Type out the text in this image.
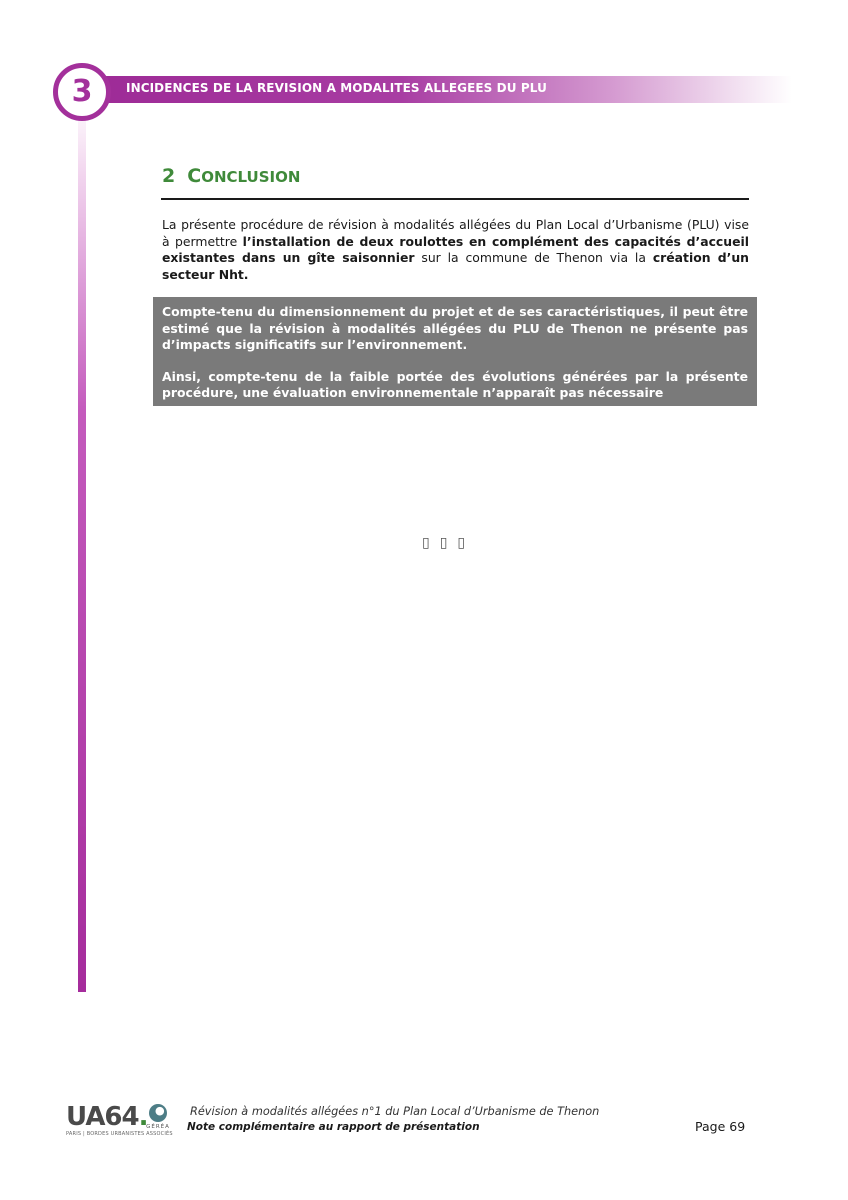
INCIDENCES DE LA REVISION A MODALITES ALLEGEES DU PLU
3
2 CONCLUSION

La présente procédure de révision à modalités allégées du Plan Local d’Urbanisme (PLU) vise à permettre l’installation de deux roulottes en complément des capacités d’accueil existantes dans un gîte saisonnier sur la commune de Thenon via la création d’un secteur Nht.

Compte-tenu du dimensionnement du projet et de ses caractéristiques, il peut être estimé que la révision à modalités allégées du PLU de Thenon ne présente pas d’impacts significatifs sur l’environnement.

Ainsi, compte-tenu de la faible portée des évolutions générées par la présente procédure, une évaluation environnementale n’apparaît pas nécessaire

▯▯▯
UA64.
PARIS | BORDES URBANISTES ASSOCIÉS
GÉRÉA
Révision à modalités allégées n°1 du Plan Local d’Urbanisme de Thenon
Note complémentaire au rapport de présentation	Page 69
